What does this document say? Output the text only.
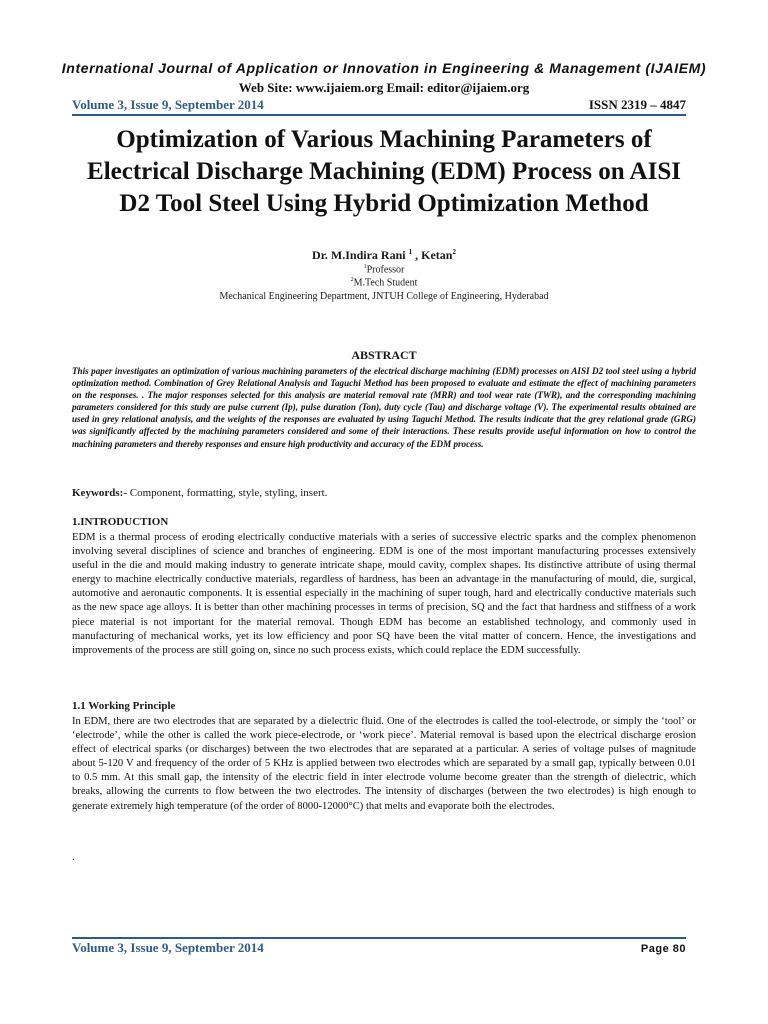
International Journal of Application or Innovation in Engineering & Management (IJAIEM)
Web Site: www.ijaiem.org Email: editor@ijaiem.org
Volume 3, Issue 9, September 2014	ISSN 2319 – 4847
Optimization of Various Machining Parameters of Electrical Discharge Machining (EDM) Process on AISI D2 Tool Steel Using Hybrid Optimization Method
Dr. M.Indira Rani $^1$ , Ketan$^2$
$^1$Professor
$^2$M.Tech Student
Mechanical Engineering Department, JNTUH College of Engineering, Hyderabad
ABSTRACT

This paper investigates an optimization of various machining parameters of the electrical discharge machining (EDM) processes on AISI D2 tool steel using a hybrid optimization method. Combination of Grey Relational Analysis and Taguchi Method has been proposed to evaluate and estimate the effect of machining parameters on the responses. . The major responses selected for this analysis are material removal rate (MRR) and tool wear rate (TWR), and the corresponding machining parameters considered for this study are pulse current (Ip), pulse duration (Ton), duty cycle (Tau) and discharge voltage (V). The experimental results obtained are used in grey relational analysis, and the weights of the responses are evaluated by using Taguchi Method. The results indicate that the grey relational grade (GRG) was significantly affected by the machining parameters considered and some of their interactions. These results provide useful information on how to control the machining parameters and thereby responses and ensure high productivity and accuracy of the EDM process.

Keywords:- Component, formatting, style, styling, insert.

1.INTRODUCTION

EDM is a thermal process of eroding electrically conductive materials with a series of successive electric sparks and the complex phenomenon involving several disciplines of science and branches of engineering. EDM is one of the most important manufacturing processes extensively useful in the die and mould making industry to generate intricate shape, mould cavity, complex shapes. Its distinctive attribute of using thermal energy to machine electrically conductive materials, regardless of hardness, has been an advantage in the manufacturing of mould, die, surgical, automotive and aeronautic components. It is essential especially in the machining of super tough, hard and electrically conductive materials such as the new space age alloys. It is better than other machining processes in terms of precision, SQ and the fact that hardness and stiffness of a work piece material is not important for the material removal. Though EDM has become an established technology, and commonly used in manufacturing of mechanical works, yet its low efficiency and poor SQ have been the vital matter of concern. Hence, the investigations and improvements of the process are still going on, since no such process exists, which could replace the EDM successfully.

1.1 Working Principle

In EDM, there are two electrodes that are separated by a dielectric fluid. One of the electrodes is called the tool-electrode, or simply the ‘tool’ or ‘electrode’, while the other is called the work piece-electrode, or ‘work piece’. Material removal is based upon the electrical discharge erosion effect of electrical sparks (or discharges) between the two electrodes that are separated at a particular. A series of voltage pulses of magnitude about 5-120 V and frequency of the order of 5 KHz is applied between two electrodes which are separated by a small gap, typically between 0.01 to 0.5 mm. At this small gap, the intensity of the electric field in inter electrode volume become greater than the strength of dielectric, which breaks, allowing the currents to flow between the two electrodes. The intensity of discharges (between the two electrodes) is high enough to generate extremely high temperature (of the order of 8000-12000°C) that melts and evaporate both the electrodes.

.
Volume 3, Issue 9, September 2014	Page 80
